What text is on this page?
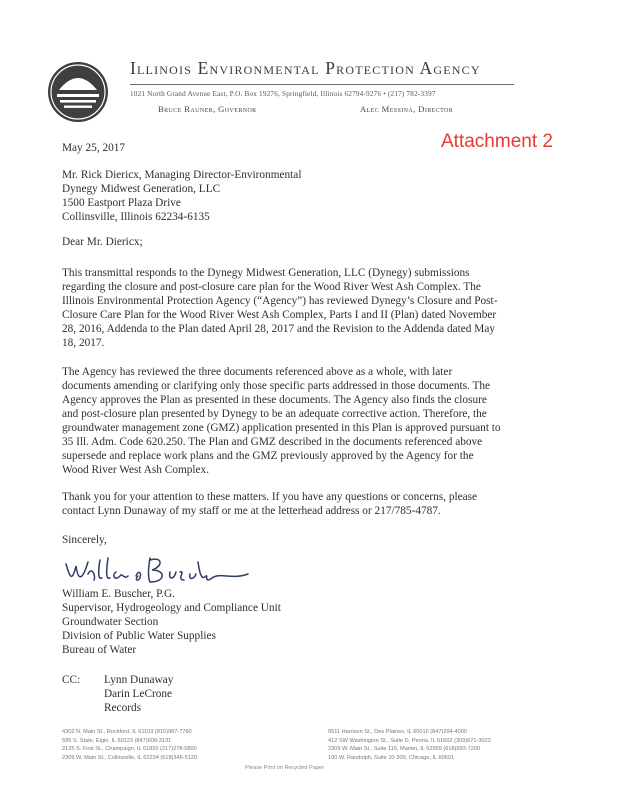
Illinois Environmental Protection Agency
1021 North Grand Avenue East, P.O. Box 19276, Springfield, Illinois 62794-9276 • (217) 782-3397
Bruce Rauner, Governor	Alec Messina, Director
Attachment 2
May 25, 2017
Mr. Rick Diericx, Managing Director-Environmental
Dynegy Midwest Generation, LLC
1500 Eastport Plaza Drive
Collinsville, Illinois 62234-6135
Dear Mr. Diericx;
This transmittal responds to the Dynegy Midwest Generation, LLC (Dynegy) submissions
regarding the closure and post-closure care plan for the Wood River West Ash Complex. The
Illinois Environmental Protection Agency (“Agency”) has reviewed Dynegy’s Closure and Post-
Closure Care Plan for the Wood River West Ash Complex, Parts I and II (Plan) dated November
28, 2016, Addenda to the Plan dated April 28, 2017 and the Revision to the Addenda dated May
18, 2017.
The Agency has reviewed the three documents referenced above as a whole, with later
documents amending or clarifying only those specific parts addressed in those documents. The
Agency approves the Plan as presented in these documents. The Agency also finds the closure
and post-closure plan presented by Dynegy to be an adequate corrective action. Therefore, the
groundwater management zone (GMZ) application presented in this Plan is approved pursuant to
35 Ill. Adm. Code 620.250. The Plan and GMZ described in the documents referenced above
supersede and replace work plans and the GMZ previously approved by the Agency for the
Wood River West Ash Complex.
Thank you for your attention to these matters. If you have any questions or concerns, please
contact Lynn Dunaway of my staff or me at the letterhead address or 217/785-4787.
Sincerely,
William E. Buscher, P.G.
Supervisor, Hydrogeology and Compliance Unit
Groundwater Section
Division of Public Water Supplies
Bureau of Water
CC: Lynn Dunaway
Darin LeCrone
Records
4302 N. Main St., Rockford, IL 61103 (815)987-7760
595 S. State, Elgin, IL 60123 (847)608-3131
2125 S. First St., Champaign, IL 61820 (217)278-5800
2309 W. Main St., Collinsville, IL 62234 (618)346-5120
9511 Harrison St., Des Plaines, IL 60016 (847)294-4000
412 SW Washington St., Suite D, Peoria, IL 61602 (309)671-3022
2309 W. Main St., Suite 116, Marion, IL 62959 (618)993-7200
100 W. Randolph, Suite 10-300, Chicago, IL 60601
Please Print on Recycled Paper
